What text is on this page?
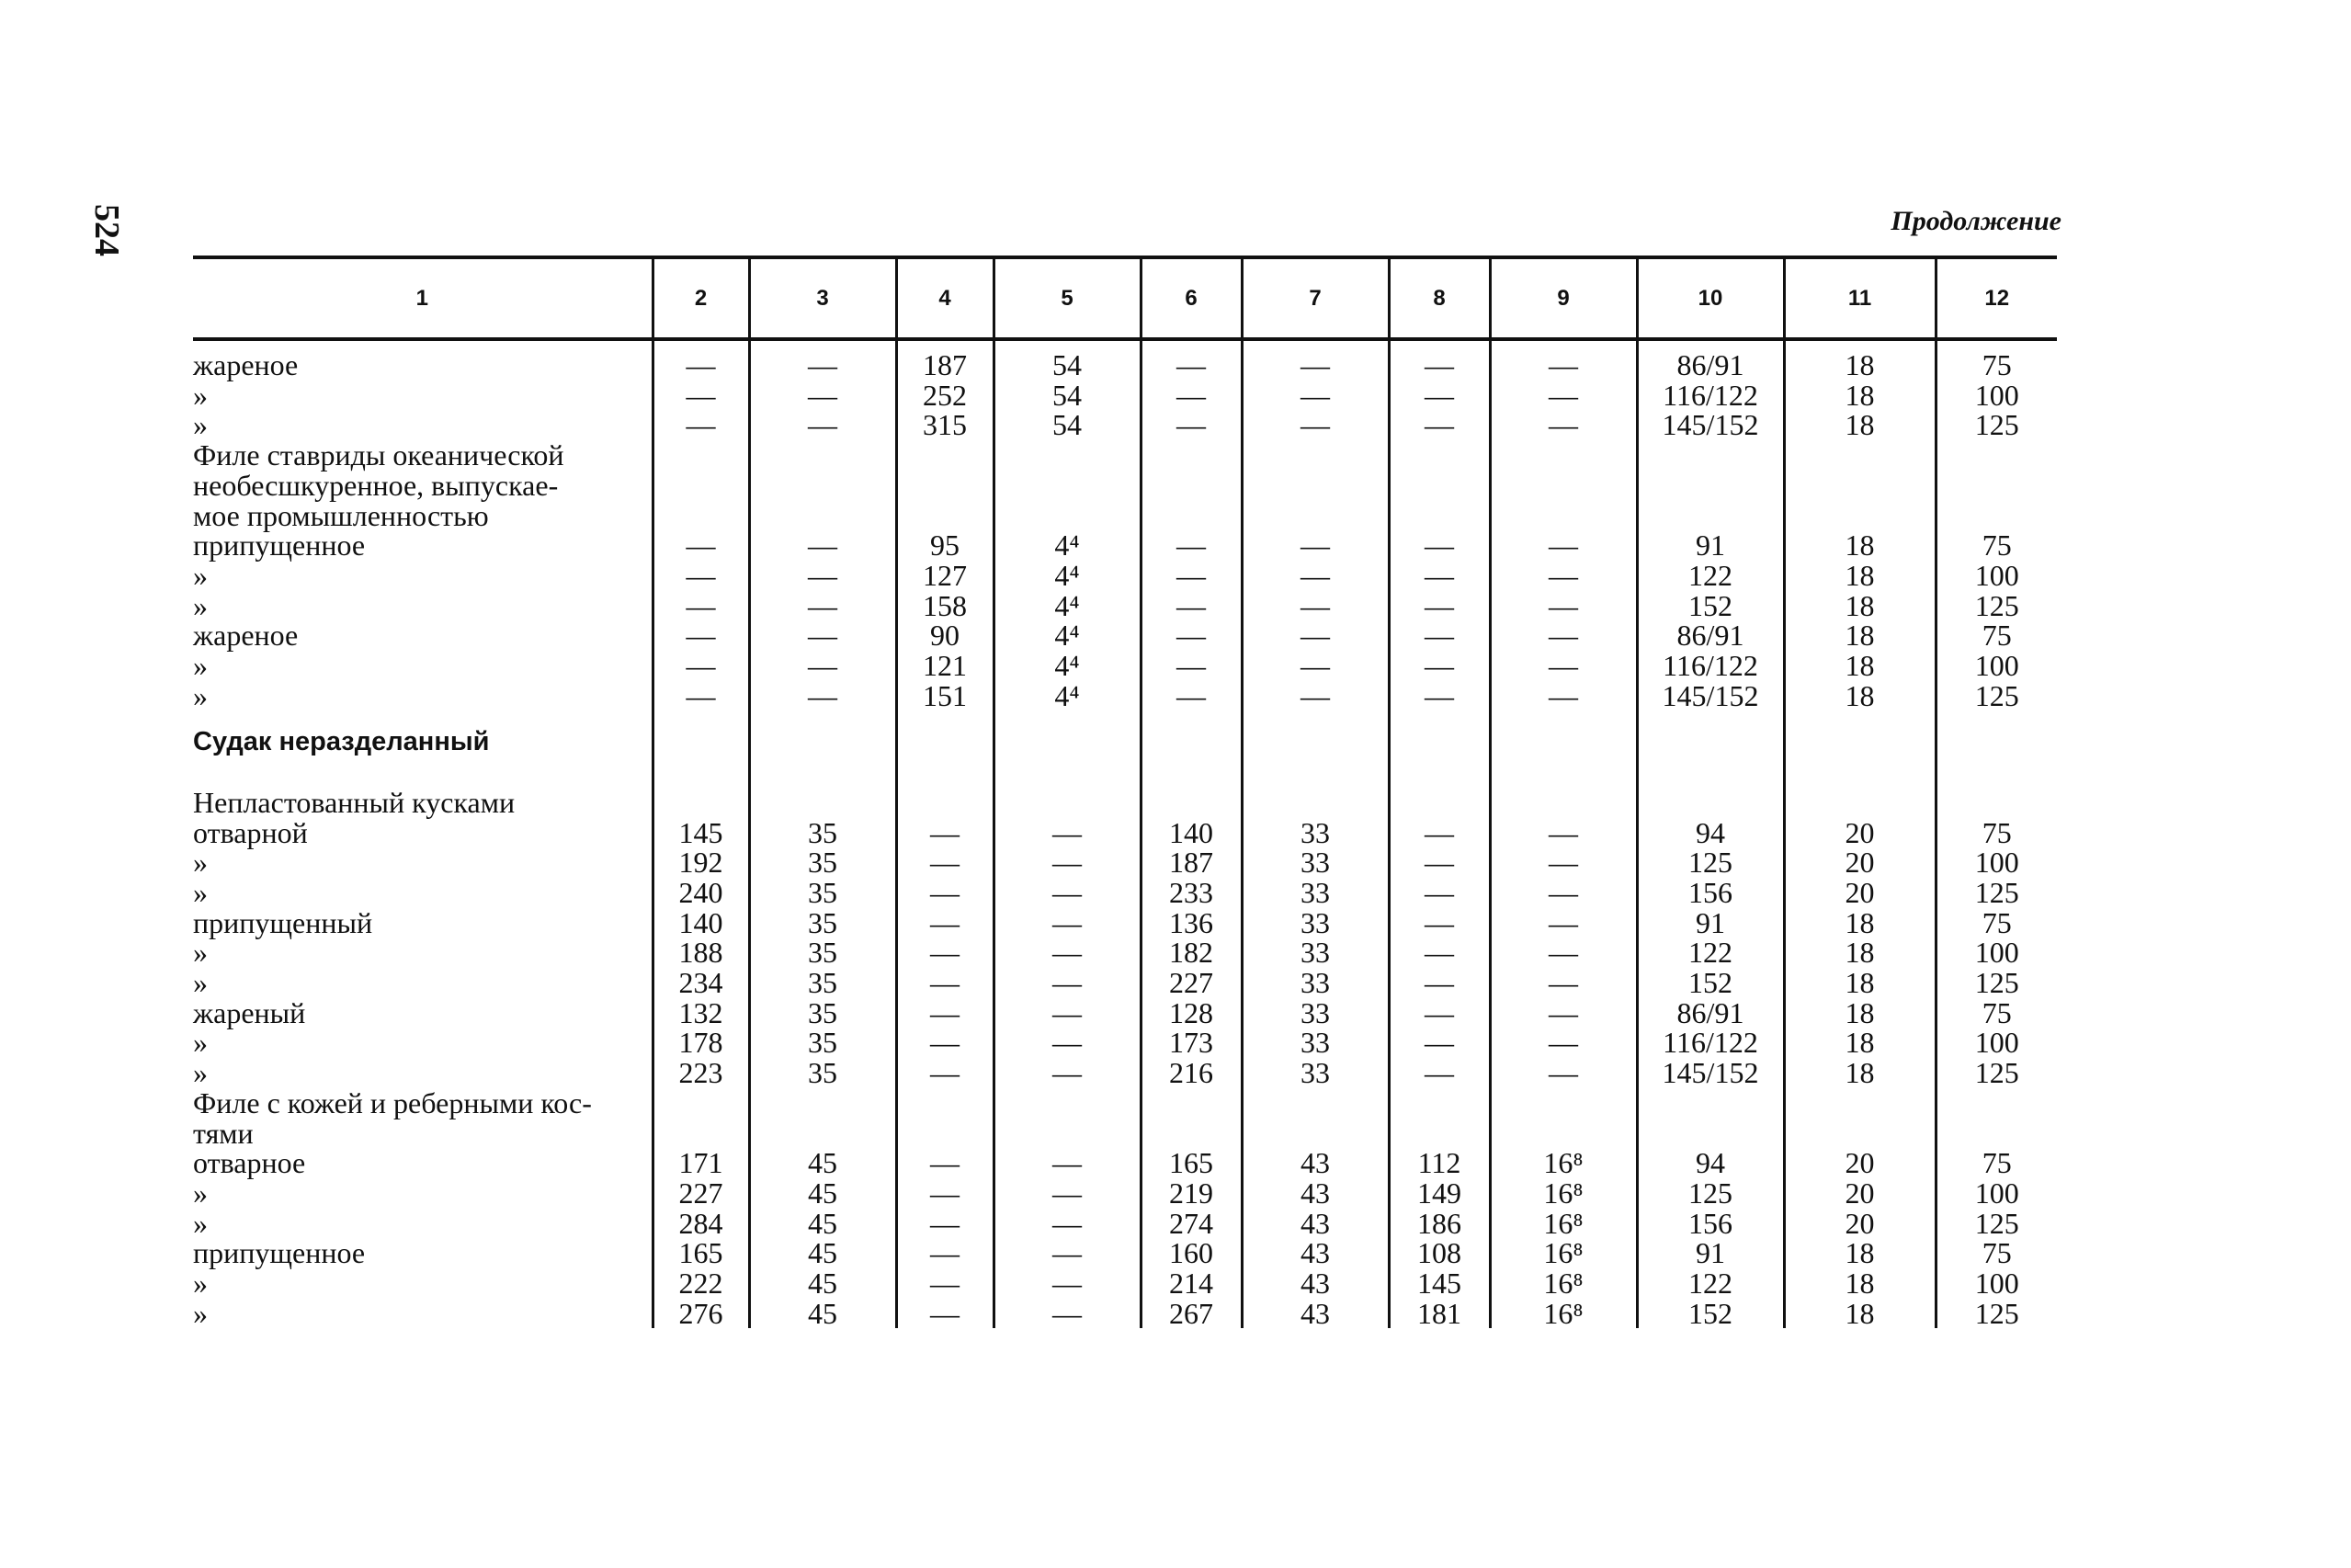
524	Продолжение
1	2	3	4	5	6	7	8	9	10	11	12
жареное	—	—	187	54	—	—	—	—	86/91	18	75
»	—	—	252	54	—	—	—	—	116/122	18	100
»	—	—	315	54	—	—	—	—	145/152	18	125
Филе ставриды океанической											
необесшкуренное, выпускае-											
мое промышленностью											
припущенное	—	—	95	4⁴	—	—	—	—	91	18	75
»	—	—	127	4⁴	—	—	—	—	122	18	100
»	—	—	158	4⁴	—	—	—	—	152	18	125
жареное	—	—	90	4⁴	—	—	—	—	86/91	18	75
»	—	—	121	4⁴	—	—	—	—	116/122	18	100
»	—	—	151	4⁴	—	—	—	—	145/152	18	125
Судак неразделанный											

Непластованный кусками											
отварной	145	35	—	—	140	33	—	—	94	20	75
»	192	35	—	—	187	33	—	—	125	20	100
»	240	35	—	—	233	33	—	—	156	20	125
припущенный	140	35	—	—	136	33	—	—	91	18	75
»	188	35	—	—	182	33	—	—	122	18	100
»	234	35	—	—	227	33	—	—	152	18	125
жареный	132	35	—	—	128	33	—	—	86/91	18	75
»	178	35	—	—	173	33	—	—	116/122	18	100
»	223	35	—	—	216	33	—	—	145/152	18	125
Филе с кожей и реберными кос-											
тями											
отварное	171	45	—	—	165	43	112	16⁸	94	20	75
»	227	45	—	—	219	43	149	16⁸	125	20	100
»	284	45	—	—	274	43	186	16⁸	156	20	125
припущенное	165	45	—	—	160	43	108	16⁸	91	18	75
»	222	45	—	—	214	43	145	16⁸	122	18	100
»	276	45	—	—	267	43	181	16⁸	152	18	125
